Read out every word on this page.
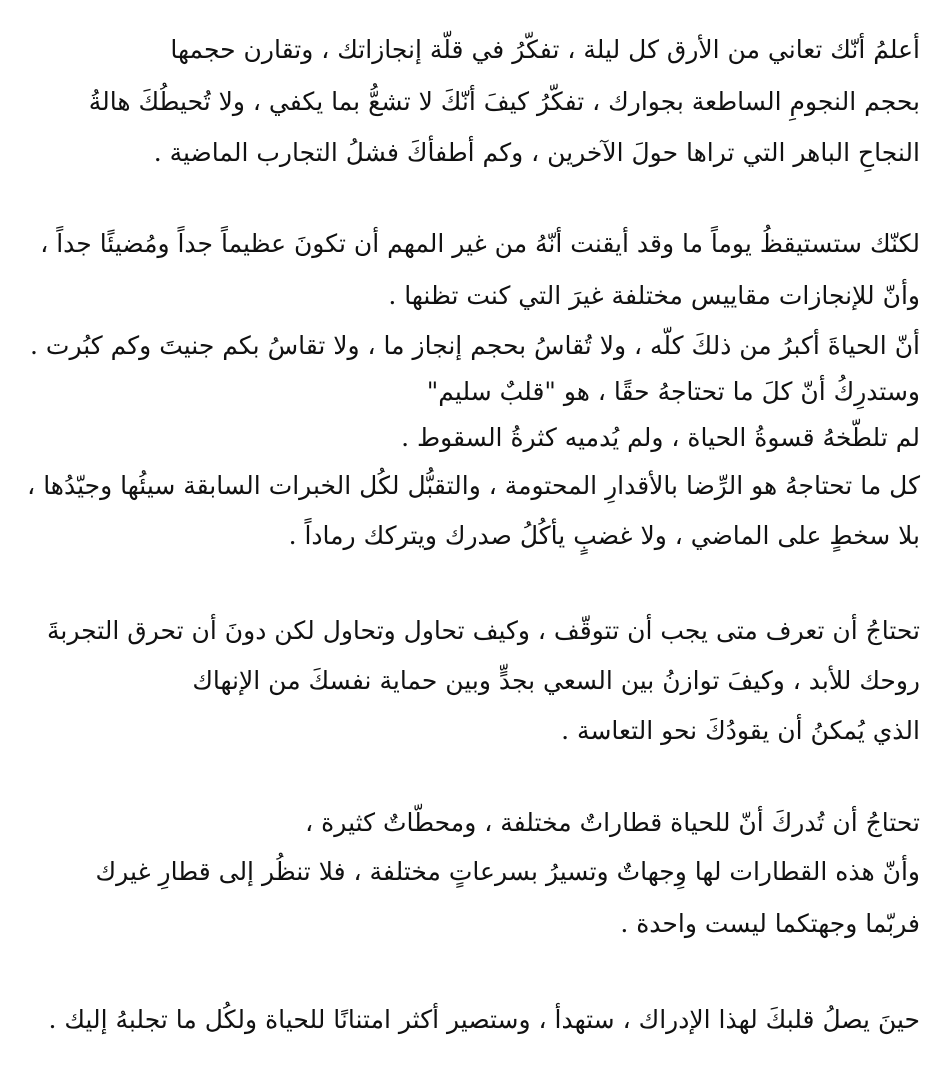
أعلمُ أنّك تعاني من الأرق كل ليلة ، تفكّرُ في قلّة إنجازاتك ، وتقارن حجمها
بحجم النجومِ الساطعة بجوارك ، تفكّرُ كيفَ أنّكَ لا تشعُّ بما يكفي ، ولا تُحيطُكَ هالةُ
النجاحِ الباهر التي تراها حولَ الآخرين ، وكم أطفأكَ فشلُ التجارب الماضية .
لكنّك ستستيقظُ يوماً ما وقد أيقنت أنّهُ من غير المهم أن تكونَ عظيماً جداً ومُضيئًا جداً ،
وأنّ للإنجازات مقاييس مختلفة غيرَ التي كنت تظنها .
أنّ الحياةَ أكبرُ من ذلكَ كلّه ، ولا تُقاسُ بحجم إنجاز ما ، ولا تقاسُ بكم جنيتَ وكم كبُرت .
وستدرِكُ أنّ كلَ ما تحتاجهُ حقًا ، هو "قلبٌ سليم"
لم تلطّخهُ قسوةُ الحياة ، ولم يُدميه كثرةُ السقوط .
كل ما تحتاجهُ هو الرِّضا بالأقدارِ المحتومة ، والتقبُّل لكُل الخبرات السابقة سيئُها وجيّدُها ،
بلا سخطٍ على الماضي ، ولا غضبٍ يأكُلُ صدرك ويتركك رماداً .
تحتاجُ أن تعرف متى يجب أن تتوقّف ، وكيف تحاول وتحاول لكن دونَ أن تحرق التجربةَ
روحك للأبد ، وكيفَ توازنُ بين السعي بجدٍّ وبين حماية نفسكَ من الإنهاك
الذي يُمكنُ أن يقودُكَ نحو التعاسة .
تحتاجُ أن تُدركَ أنّ للحياة قطاراتٌ مختلفة ، ومحطّاتٌ كثيرة ،
وأنّ هذه القطارات لها وِجهاتٌ وتسيرُ بسرعاتٍ مختلفة ، فلا تنظُر إلى قطارِ غيرك
فربّما وجهتكما ليست واحدة .
حينَ يصلُ قلبكَ لهذا الإدراك ، ستهدأ ، وستصير أكثر امتنانًا للحياة ولكُل ما تجلبهُ إليك .
